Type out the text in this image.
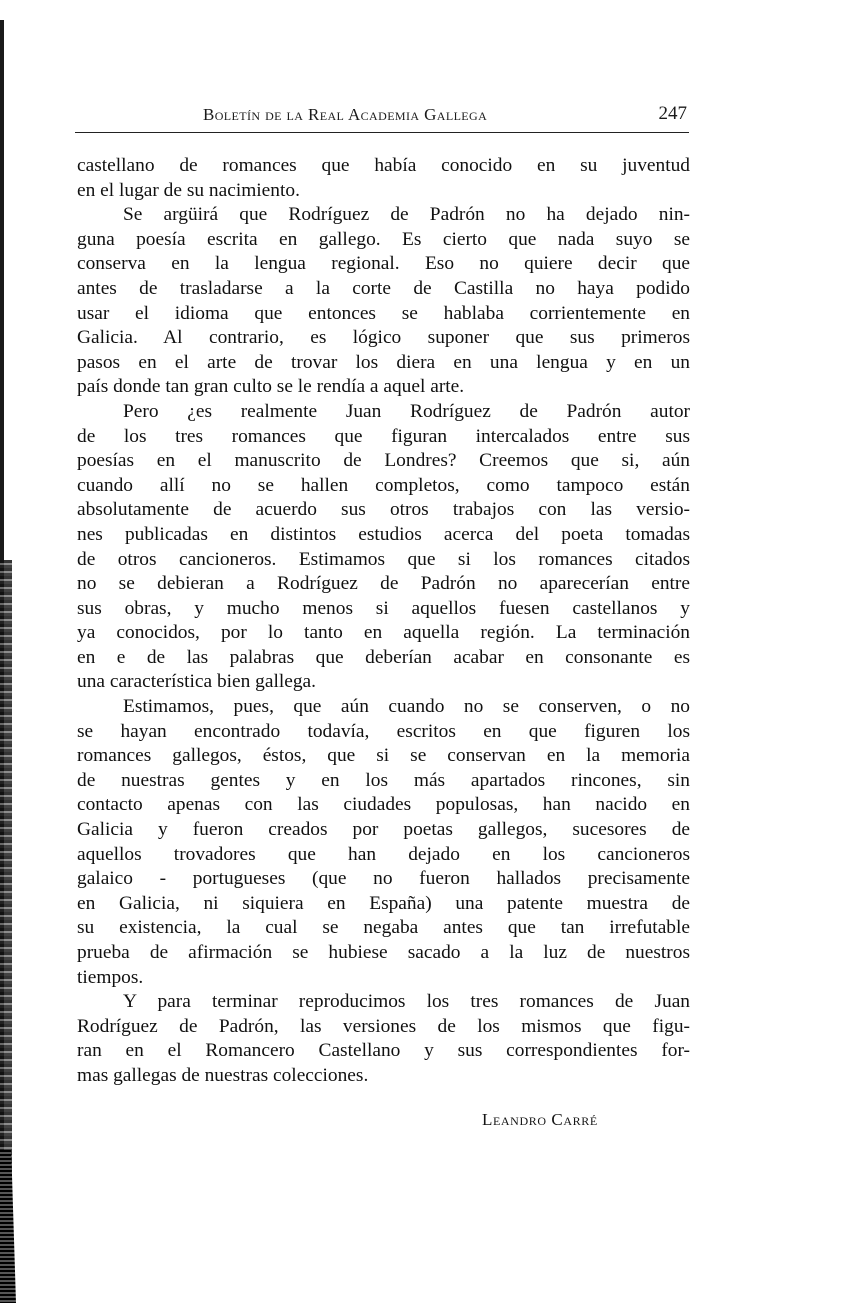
Boletín de la Real Academia Gallega	247
castellano de romances que había conocido en su juventud
en el lugar de su nacimiento.
Se argüirá que Rodríguez de Padrón no ha dejado nin-
guna poesía escrita en gallego. Es cierto que nada suyo se
conserva en la lengua regional. Eso no quiere decir que
antes de trasladarse a la corte de Castilla no haya podido
usar el idioma que entonces se hablaba corrientemente en
Galicia. Al contrario, es lógico suponer que sus primeros
pasos en el arte de trovar los diera en una lengua y en un
país donde tan gran culto se le rendía a aquel arte.
Pero ¿es realmente Juan Rodríguez de Padrón autor
de los tres romances que figuran intercalados entre sus
poesías en el manuscrito de Londres? Creemos que si, aún
cuando allí no se hallen completos, como tampoco están
absolutamente de acuerdo sus otros trabajos con las versio-
nes publicadas en distintos estudios acerca del poeta tomadas
de otros cancioneros. Estimamos que si los romances citados
no se debieran a Rodríguez de Padrón no aparecerían entre
sus obras, y mucho menos si aquellos fuesen castellanos y
ya conocidos, por lo tanto en aquella región. La terminación
en e de las palabras que deberían acabar en consonante es
una característica bien gallega.
Estimamos, pues, que aún cuando no se conserven, o no
se hayan encontrado todavía, escritos en que figuren los
romances gallegos, éstos, que si se conservan en la memoria
de nuestras gentes y en los más apartados rincones, sin
contacto apenas con las ciudades populosas, han nacido en
Galicia y fueron creados por poetas gallegos, sucesores de
aquellos trovadores que han dejado en los cancioneros
galaico - portugueses (que no fueron hallados precisamente
en Galicia, ni siquiera en España) una patente muestra de
su existencia, la cual se negaba antes que tan irrefutable
prueba de afirmación se hubiese sacado a la luz de nuestros
tiempos.
Y para terminar reproducimos los tres romances de Juan
Rodríguez de Padrón, las versiones de los mismos que figu-
ran en el Romancero Castellano y sus correspondientes for-
mas gallegas de nuestras colecciones.
Leandro Carré
